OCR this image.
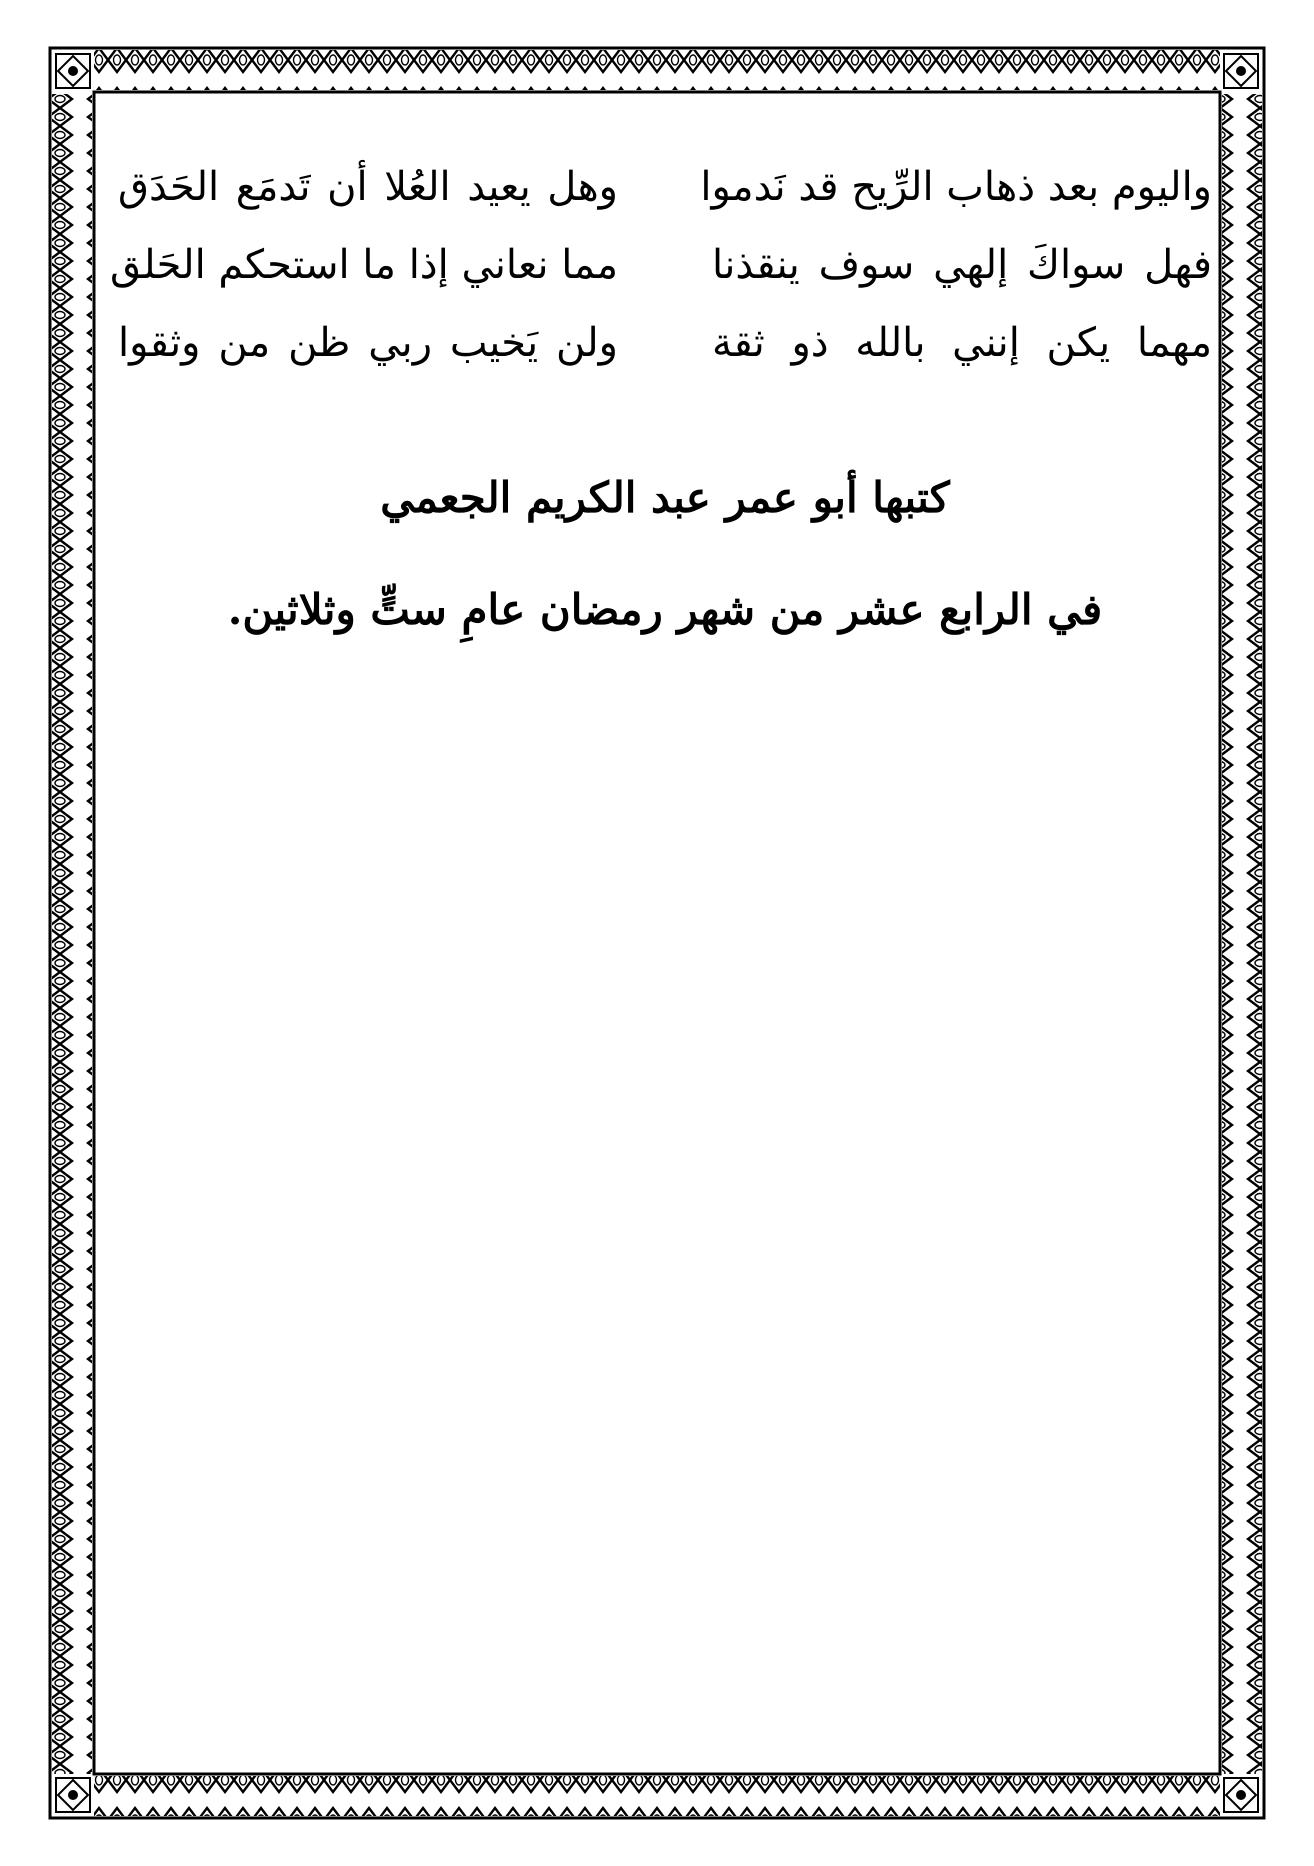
واليوم بعد ذهاب الرِّيح قد نَدموا
وهل يعيد العُلا أن تَدمَع الحَدَق
فهل سواكَ إلهي سوف ينقذنا
مما نعاني إذا ما استحكم الحَلق
مهما يكن إنني بالله ذو ثقة
ولن يَخيب ربي ظن من وثقوا
كتبها أبو عمر عبد الكريم الجعمي
في الرابع عشر من شهر رمضان عامِ ستٍّ وثلاثين.
